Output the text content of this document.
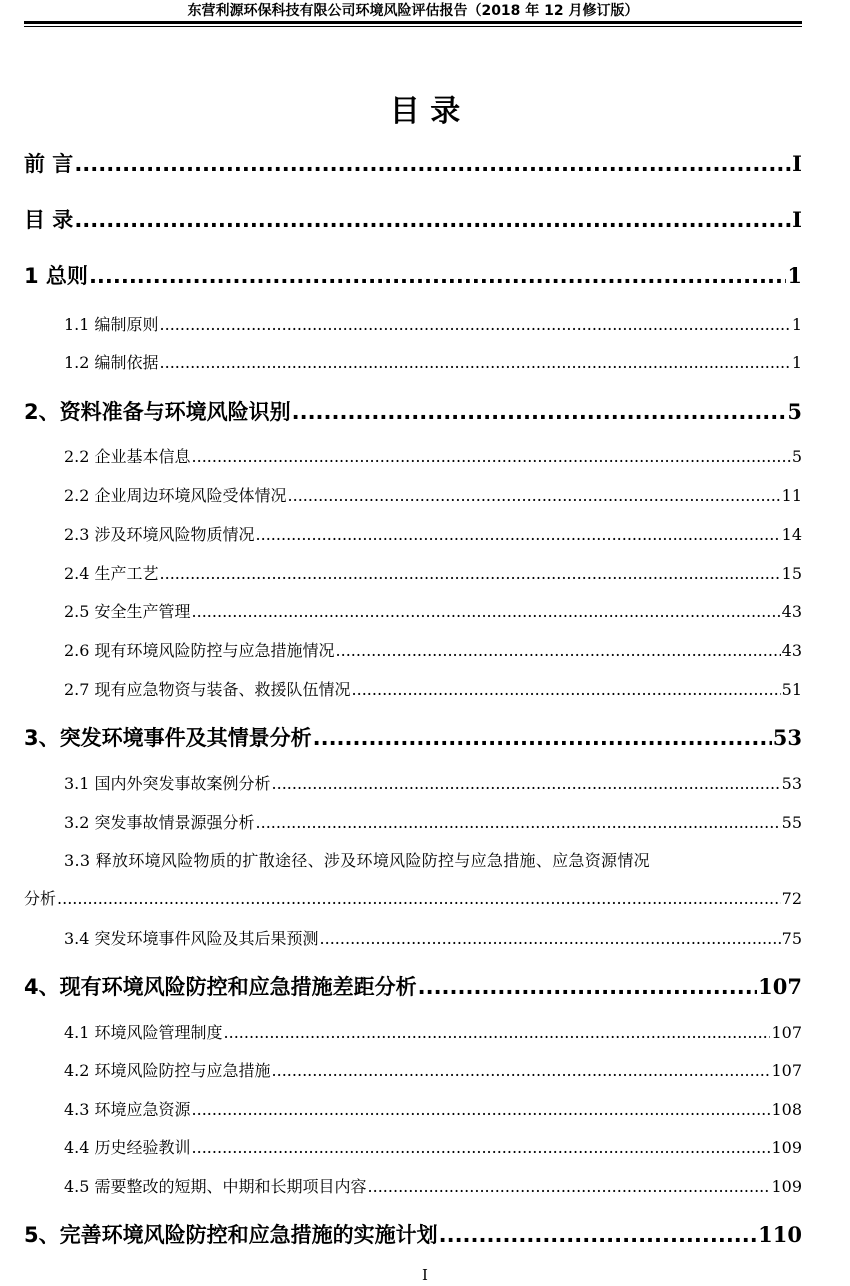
东营利源环保科技有限公司环境风险评估报告（2018 年 12 月修订版）
目 录
前 言 .....	I
目 录 .....	I
1 总则 .....	1
1.1 编制原则 .....	1
1.2 编制依据 .....	1
2、资料准备与环境风险识别 .....	5
2.2 企业基本信息 .....	5
2.2 企业周边环境风险受体情况 .....	11
2.3 涉及环境风险物质情况 .....	14
2.4 生产工艺 .....	15
2.5 安全生产管理 .....	43
2.6 现有环境风险防控与应急措施情况 .....	43
2.7 现有应急物资与装备、救援队伍情况 .....	51
3、突发环境事件及其情景分析 .....	53
3.1 国内外突发事故案例分析 .....	53
3.2 突发事故情景源强分析 .....	55
3.3 释放环境风险物质的扩散途径、涉及环境风险防控与应急措施、应急资源情况
分析 .....	72
3.4 突发环境事件风险及其后果预测 .....	75
4、现有环境风险防控和应急措施差距分析 .....	107
4.1 环境风险管理制度 .....	107
4.2 环境风险防控与应急措施 .....	107
4.3 环境应急资源 .....	108
4.4 历史经验教训 .....	109
4.5 需要整改的短期、中期和长期项目内容 .....	109
5、完善环境风险防控和应急措施的实施计划 .....	110
I
